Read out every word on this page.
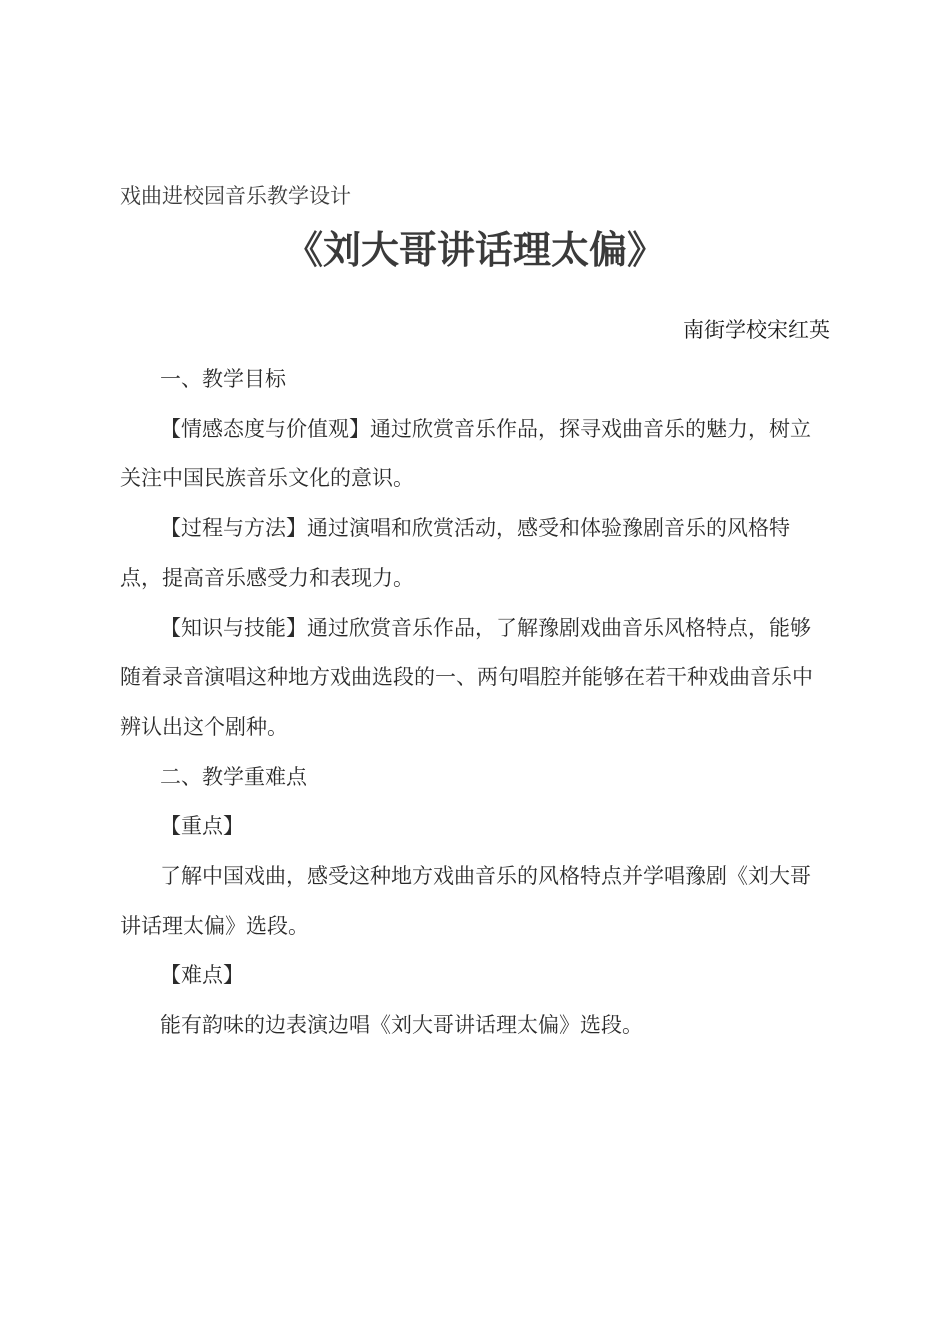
戏曲进校园音乐教学设计
《刘大哥讲话理太偏》
南街学校宋红英

一、教学目标

【情感态度与价值观】通过欣赏音乐作品，探寻戏曲音乐的魅力，树立关注中国民族音乐文化的意识。

【过程与方法】通过演唱和欣赏活动，感受和体验豫剧音乐的风格特点，提高音乐感受力和表现力。

【知识与技能】通过欣赏音乐作品，了解豫剧戏曲音乐风格特点，能够随着录音演唱这种地方戏曲选段的一、两句唱腔并能够在若干种戏曲音乐中辨认出这个剧种。

二、教学重难点

【重点】

了解中国戏曲，感受这种地方戏曲音乐的风格特点并学唱豫剧《刘大哥讲话理太偏》选段。

【难点】

能有韵味的边表演边唱《刘大哥讲话理太偏》选段。
